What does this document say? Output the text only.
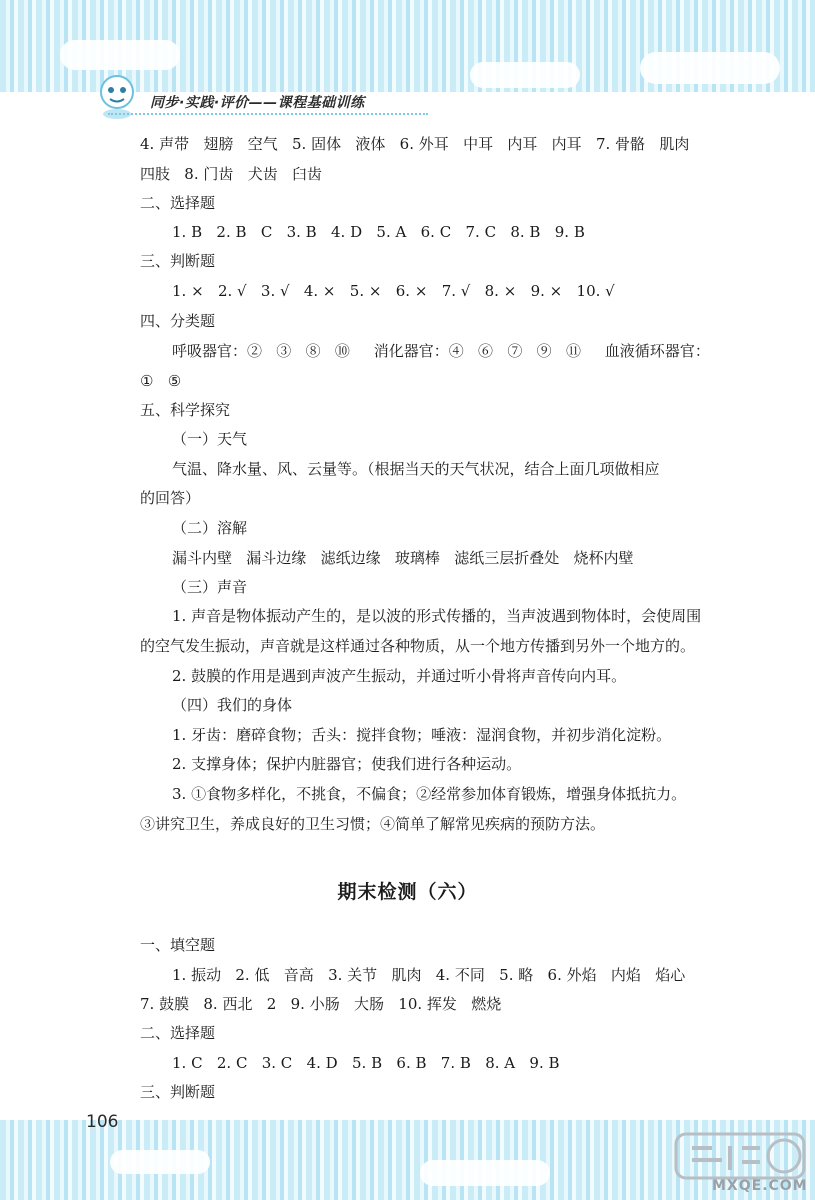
同步·实践·评价——课程基础训练
4. 声带   翅膀   空气   5. 固体   液体   6. 外耳   中耳   内耳   内耳   7. 骨骼   肌肉
四肢   8. 门齿   犬齿   臼齿
二、选择题
1. B   2. B   C   3. B   4. D   5. A   6. C   7. C   8. B   9. B
三、判断题
1. ×   2. √   3. √   4. ×   5. ×   6. ×   7. √   8. ×   9. ×   10. √
四、分类题
呼吸器官：②   ③   ⑧   ⑩     消化器官：④   ⑥   ⑦   ⑨   ⑪     血液循环器官：
①   ⑤
五、科学探究
（一）天气
气温、降水量、风、云量等。（根据当天的天气状况，结合上面几项做相应
的回答）
（二）溶解
漏斗内壁   漏斗边缘   滤纸边缘   玻璃棒   滤纸三层折叠处   烧杯内壁
（三）声音
1. 声音是物体振动产生的，是以波的形式传播的，当声波遇到物体时，会使周围
的空气发生振动，声音就是这样通过各种物质，从一个地方传播到另外一个地方的。
2. 鼓膜的作用是遇到声波产生振动，并通过听小骨将声音传向内耳。
（四）我们的身体
1. 牙齿：磨碎食物；舌头：搅拌食物；唾液：湿润食物，并初步消化淀粉。
2. 支撑身体；保护内脏器官；使我们进行各种运动。
3. ①食物多样化，不挑食，不偏食；②经常参加体育锻炼，增强身体抵抗力。
③讲究卫生，养成良好的卫生习惯；④简单了解常见疾病的预防方法。
期末检测（六）
一、填空题
1. 振动   2. 低   音高   3. 关节   肌肉   4. 不同   5. 略   6. 外焰   内焰   焰心
7. 鼓膜   8. 西北   2   9. 小肠   大肠   10. 挥发   燃烧
二、选择题
1. C   2. C   3. C   4. D   5. B   6. B   7. B   8. A   9. B
三、判断题
106
MXQE.COM
